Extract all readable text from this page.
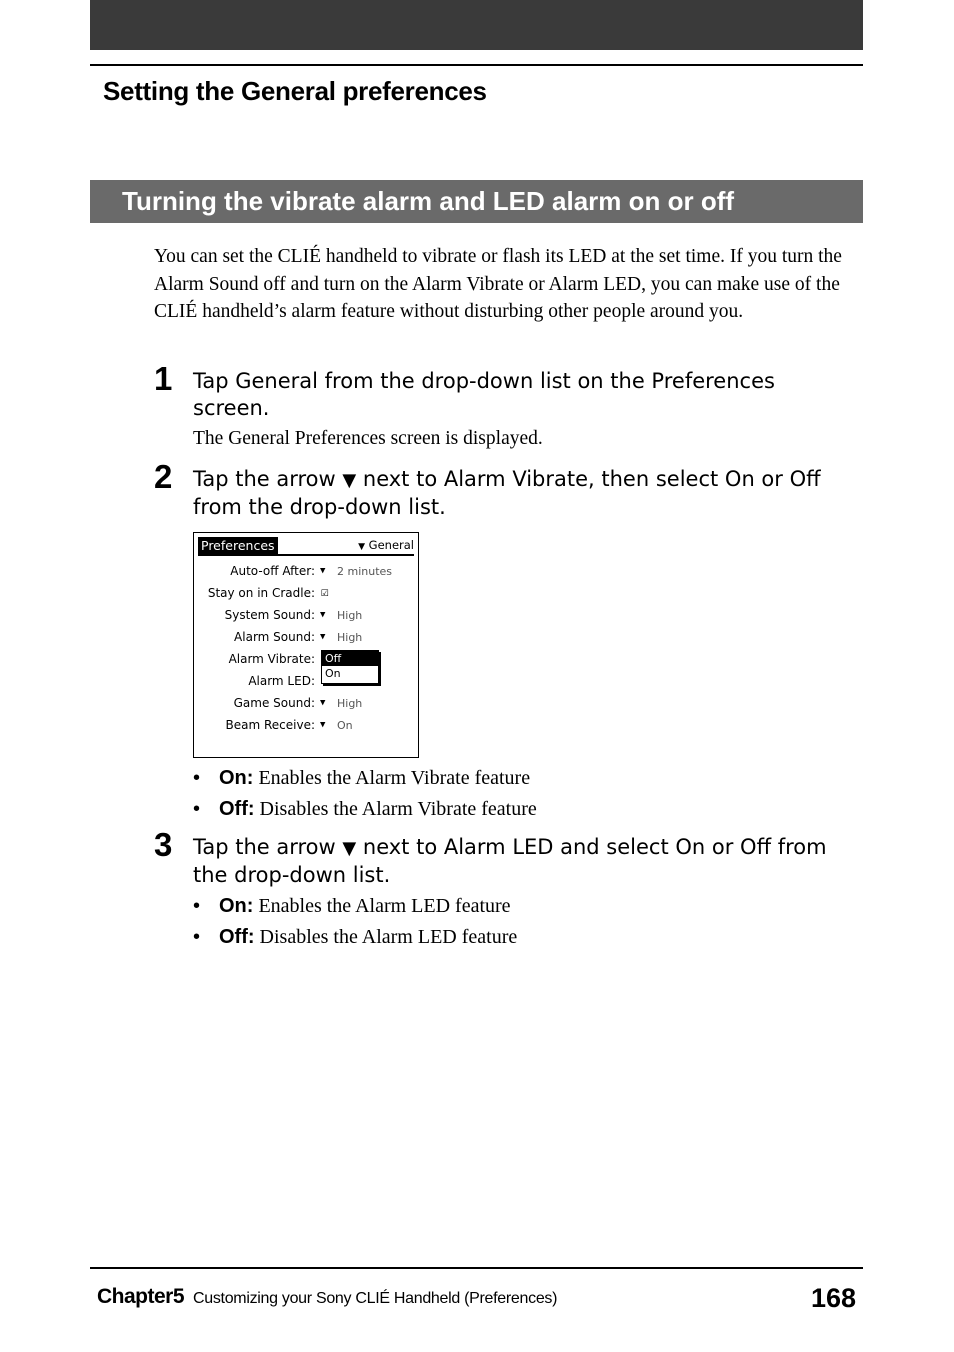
Setting the General preferences
Turning the vibrate alarm and LED alarm on or off
You can set the CLIÉ handheld to vibrate or flash its LED at the set time. If you turn the Alarm Sound off and turn on the Alarm Vibrate or Alarm LED, you can make use of the CLIÉ handheld’s alarm feature without disturbing other people around you.
1 Tap General from the drop-down list on the Preferences screen.
The General Preferences screen is displayed.
2 Tap the arrow ▼ next to Alarm Vibrate, then select On or Off from the drop-down list.
Preferences	▼ General
Auto-off After: ▼ 2 minutes
Stay on in Cradle: ☑
System Sound: ▼ High
Alarm Sound: ▼ High
Alarm Vibrate:
Alarm LED:
Game Sound: ▼ High
Beam Receive: ▼ On
Off
On
• On: Enables the Alarm Vibrate feature
• Off: Disables the Alarm Vibrate feature
3 Tap the arrow ▼ next to Alarm LED and select On or Off from the drop-down list.
• On: Enables the Alarm LED feature
• Off: Disables the Alarm LED feature
Chapter5 Customizing your Sony CLIÉ Handheld (Preferences)	168
